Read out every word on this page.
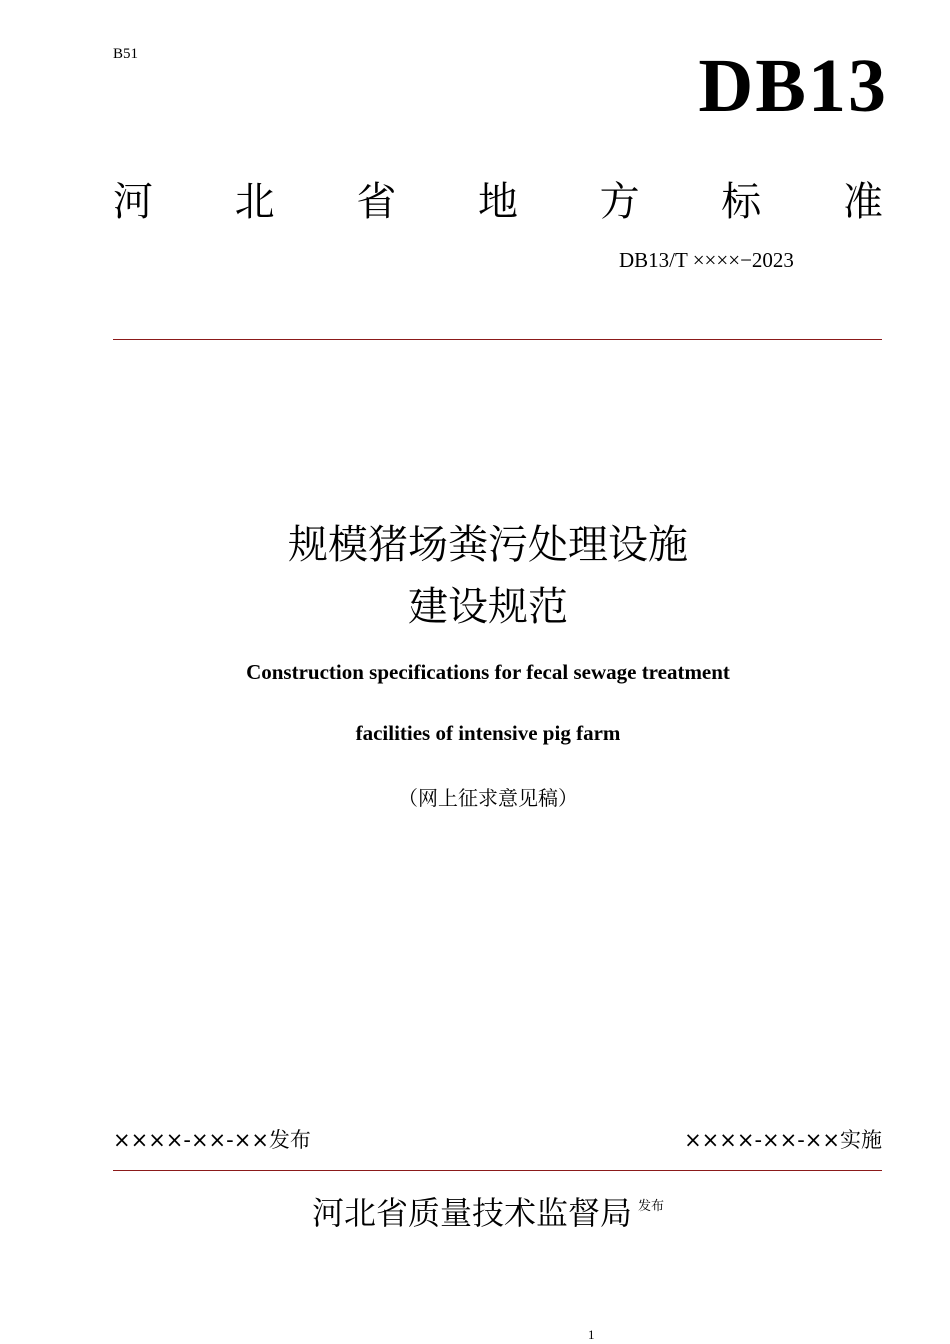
B51	DB13
河 北 省 地 方 标 准
DB13/T ××××−2023
规模猪场粪污处理设施
建设规范
Construction specifications for fecal sewage treatment
facilities of intensive pig farm
（网上征求意见稿）
××××-××-××发布	××××-××-××实施
河北省质量技术监督局 $^{发布}$
1
